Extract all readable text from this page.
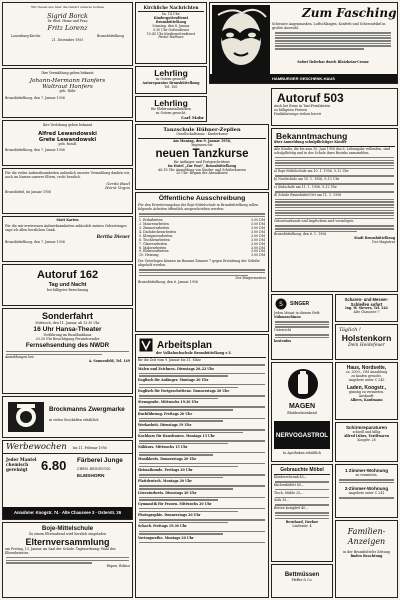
Wir freuen uns über die Geburt unseres Sohnes

Sigrid Borck

Dr. med. Heinz und Frau

Fritz Lorenz

Lauenburg-Kirche	Brunsbüttelkoog

21. Dezember 1955

Ihre Vermählung geben bekannt

Johann-Hermann Hanfers

Waltraut Hanfers

geb. Rühr

Brunsbüttelkoog, den 7. Januar 1956

Ihre Verlobung geben bekannt

Alfred Lewandowski

Grete Lewandowski

geb. Rosoll

Brunsbüttelkoog, den 7. Januar 1956

Für die vielen Aufmerksamkeiten anlässlich unserer Vermählung danken wir, auch im Namen unserer Eltern, recht herzlich.

Gerda Basil

Horst Vogus

Brunsbüttel, im Januar 1956

Statt Karten

Für die mir erwiesenen Aufmerksamkeiten anlässlich meines Geburtstages sage ich allen herzlichen Dank.

Bertha Diener

Brunsbüttelkoog, den 7. Januar 1956

Autoruf 162

Tag und Nacht

bei billigster Berechnung

Sonderfahrt

Mittwoch, den 11. Januar, ab 13.30 Uhr

16 Uhr Hansa-Theater

Vorführung im Rundfunkhaus

20.30 Uhr Besichtigung Fernsehsender

Fernsehsendung des NWDR

Anmeldungen bei:

A. Sonnenfeld, Tel. 149

Brockmanns Zwergmarke

in vielen Geschäften erhältlich

Werbewochen bis 11. Februar 1956

Jeder Mantel chemisch gereinigt	6.80 Färberei Junge

CHEM. REINIGUNG

ELMSHORN

Annahme: Koogstr. 74 · Alte Chaussee 3 · Osterstr. 26

Boje-Mittelschule

Zu einem Elternabend wird herzlich eingeladen

Elternversammlung

am Freitag, 13. Januar, im Saal der Schule. Tagesordnung: Wahl des Elternbeirates.

Rüpen, Rektor

Kirchliche Nachrichten

Sa. 14 Uhr:

Kindergottesdienst

Brunsbüttelkoog

Sonntag, den 8. Januar

9.30 Uhr Gottesdienst

10.45 Uhr Kindergottesdienst

Pastor Hanssen

Lehrling

zu Ostern gesucht.

Autoreparatur Brunsbüttelkoog

Tel. 185

Lehrling

für Elektroinstallationen

zu Ostern gesucht.

Carl Mohr

Tanzschule Hübner-Zeplien

Gesellschaftstanz · Kinderkurse

Am Montag, den 9. Januar 1956,

beginnen die

neuen Tanzkurse

für Anfänger und Fortgeschrittene

im Hotel „Zur Post“, Brunsbüttelkoog

Ab 18 Uhr Anmeldung von Kinder- und Schülerkursen

20 Uhr: Beginn der Abendkurse

Öffentliche Ausschreibung

Für den Erweiterungsbau der Boje-Mittelschule in Brunsbüttelkoog sollen folgende Arbeiten öffentlich ausgeschrieben werden:

1. Erdarbeiten	5.00 DM
2. Maurerarbeiten	5.00 DM
3. Zimmerarbeiten	5.00 DM
4. Dachdeckerarbeiten	3.00 DM
5. Klempnerarbeiten	3.00 DM
6. Tischlerarbeiten	3.00 DM
7. Glaserarbeiten	3.00 DM
8. Malerarbeiten	3.00 DM
9. Elektroarbeiten	3.00 DM
10. Heizung	3.00 DM

Die Unterlagen können im Bauamt Zimmer 7 gegen Erstattung der Gebühr abgeholt werden.

Der Bürgermeister

Brunsbüttelkoog, den 6. Januar 1956

Arbeitsplan

der Volkshochschule Brunsbüttelkoog e.V.

für die Zeit vom 9. Januar bis 31. März

Malen und Zeichnen. Dienstags 20–22 Uhr

Englisch für Anfänger. Montags 20 Uhr

Englisch für Fortgeschrittene. Donnerstags 20 Uhr

Stenografie. Mittwochs 19.30 Uhr

Buchführung. Freitags 20 Uhr

Werkarbeit. Dienstags 19 Uhr

Kochkurs für Hausfrauen. Montags 15 Uhr

Nähkurs. Mittwochs 15 Uhr

Musikkreis. Donnerstags 20 Uhr

Heimatkunde. Freitags 20 Uhr

Plattdeutsch. Montags 20 Uhr

Literaturkreis. Dienstags 20 Uhr

Gymnastik für Frauen. Mittwochs 20 Uhr

Photographie. Donnerstags 20 Uhr

Schach. Freitags 19.30 Uhr

Vortragsreihe. Montags 20 Uhr

Zum Fasching

Schwarze Augenmasken, Luftschlangen, Konfetti und Scherzartikel in großer Auswahl.

Sofort lieferbar durch Blotzheim-Creme

HAMBURGER GESCHENK-HAUS

Autoruf 503

Auch bei Reise in Taxi-Fernfahrten

zu billigsten Preisen

Funkfahrzeuge stehen bereit

Bekanntmachung

über Anmeldung schulpflichtiger Kinder

Alle Kinder, die bis zum 30. Juni 1956 das 6. Lebensjahr vollenden, sind schulpflichtig und in der Schule ihres Bezirks anzumelden.

a) Boje-Mittelschule am 10. 1. 1956, 9–12 Uhr

b) Nordschule am 10. 1. 1956, 9–12 Uhr

c) Südschule am 11. 1. 1956, 9–12 Uhr

d) Schule Brunsbüttel-Ort am 11. 1. 1956

Geburtsurkunde und Impfschein sind vorzulegen.

Brunsbüttelkoog, den 6. 1. 1956

Stadt Brunsbüttelkoog

Der Magistrat

S SINGER

Jeden Monat in diesem Heft:

Nähmaschinen

Unterricht

kostenlos

Scharen- und Messer-Schleifen sofort

Ing. W. Sievers, Tel. 242

Alte Chaussee 7

Täglich !

Holstenkorn

Dein Heidefeuer

MAGEN

Blutdrucksenkend

NERVOGASTROL

In Apotheken erhältlich

Haus, Nordseite,

ca. 2000,– DM Anzahlung

zu kaufen gesucht.

Angebote unter C 243

Laden, Koogstr.,

günstig zu vermieten.

Auskunft:

Albers, Kaufmann

Schirmreparaturen

schnell und billig

Alfred Lührs, Textilwaren

Koogstr. 28

Gebrauchte Möbel

Kleiderschrank 45,–

Küchenbüfett 60,–

Tisch, Stühle 25,–

Sofa 35,–

Betten komplett 40,–

Bernhard, Itzehoe

Lindenstr. 4

1 Zimmer-Wohnung

zu vermieten.

2-Zimmer-Wohnung

Angebote unter C 241

Familien-Anzeigen

in der Brunsbütteler Zeitung

finden Beachtung

Bettmüssen

Pfeffer & Co.
